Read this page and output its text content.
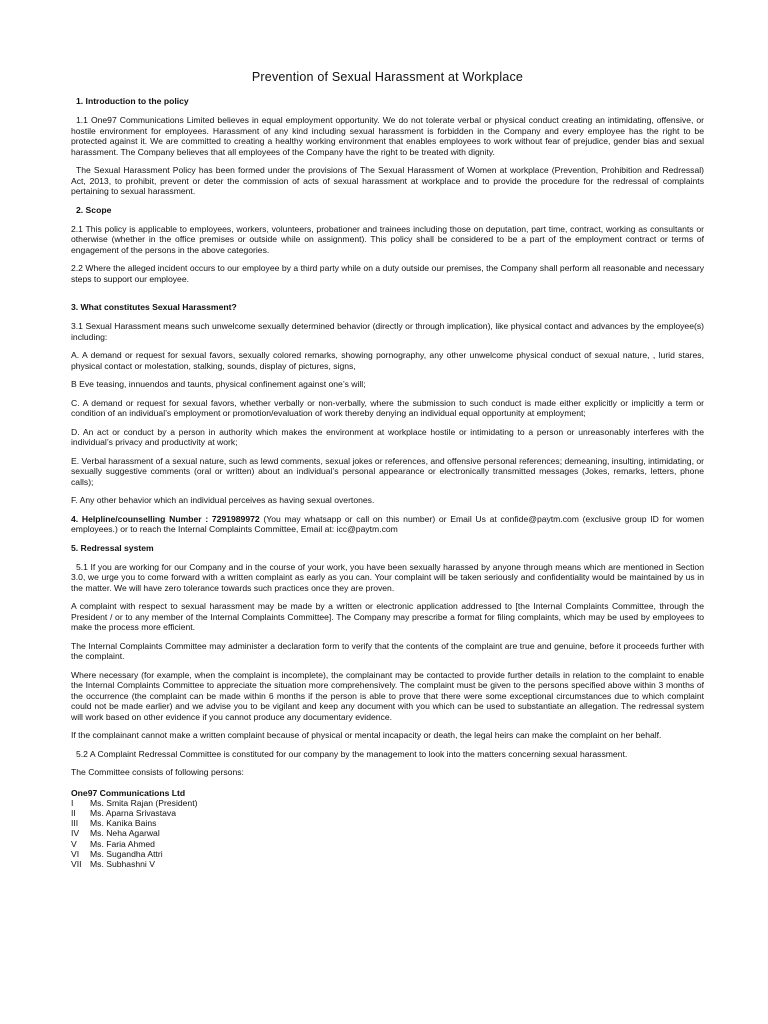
Prevention of Sexual Harassment at Workplace
1. Introduction to the policy

1.1 One97 Communications Limited believes in equal employment opportunity. We do not tolerate verbal or physical conduct creating an intimidating, offensive, or hostile environment for employees. Harassment of any kind including sexual harassment is forbidden in the Company and every employee has the right to be protected against it. We are committed to creating a healthy working environment that enables employees to work without fear of prejudice, gender bias and sexual harassment. The Company believes that all employees of the Company have the right to be treated with dignity.

The Sexual Harassment Policy has been formed under the provisions of The Sexual Harassment of Women at workplace (Prevention, Prohibition and Redressal) Act, 2013, to prohibit, prevent or deter the commission of acts of sexual harassment at workplace and to provide the procedure for the redressal of complaints pertaining to sexual harassment.

2. Scope

2.1 This policy is applicable to employees, workers, volunteers, probationer and trainees including those on deputation, part time, contract, working as consultants or otherwise (whether in the office premises or outside while on assignment). This policy shall be considered to be a part of the employment contract or terms of engagement of the persons in the above categories.

2.2 Where the alleged incident occurs to our employee by a third party while on a duty outside our premises, the Company shall perform all reasonable and necessary steps to support our employee.

3. What constitutes Sexual Harassment?

3.1 Sexual Harassment means such unwelcome sexually determined behavior (directly or through implication), like physical contact and advances by the employee(s) including:

A. A demand or request for sexual favors, sexually colored remarks, showing pornography, any other unwelcome physical conduct of sexual nature, , lurid stares, physical contact or molestation, stalking, sounds, display of pictures, signs,

B Eve teasing, innuendos and taunts, physical confinement against one’s will;

C. A demand or request for sexual favors, whether verbally or non-verbally, where the submission to such conduct is made either explicitly or implicitly a term or condition of an individual’s employment or promotion/evaluation of work thereby denying an individual equal opportunity at employment;

D. An act or conduct by a person in authority which makes the environment at workplace hostile or intimidating to a person or unreasonably interferes with the individual’s privacy and productivity at work;

E. Verbal harassment of a sexual nature, such as lewd comments, sexual jokes or references, and offensive personal references; demeaning, insulting, intimidating, or sexually suggestive comments (oral or written) about an individual’s personal appearance or electronically transmitted messages (Jokes, remarks, letters, phone calls);

F. Any other behavior which an individual perceives as having sexual overtones.

4. Helpline/counselling Number : 7291989972 (You may whatsapp or call on this number) or Email Us at confide@paytm.com (exclusive group ID for women employees.) or to reach the Internal Complaints Committee, Email at: icc@paytm.com

5. Redressal system

5.1 If you are working for our Company and in the course of your work, you have been sexually harassed by anyone through means which are mentioned in Section 3.0, we urge you to come forward with a written complaint as early as you can. Your complaint will be taken seriously and confidentiality would be maintained by us in the matter. We will have zero tolerance towards such practices once they are proven.

A complaint with respect to sexual harassment may be made by a written or electronic application addressed to [the Internal Complaints Committee, through the President / or to any member of the Internal Complaints Committee]. The Company may prescribe a format for filing complaints, which may be used by employees to make the process more efficient.

The Internal Complaints Committee may administer a declaration form to verify that the contents of the complaint are true and genuine, before it proceeds further with the complaint.

Where necessary (for example, when the complaint is incomplete), the complainant may be contacted to provide further details in relation to the complaint to enable the Internal Complaints Committee to appreciate the situation more comprehensively. The complaint must be given to the persons specified above within 3 months of the occurrence (the complaint can be made within 6 months if the person is able to prove that there were some exceptional circumstances due to which complaint could not be made earlier) and we advise you to be vigilant and keep any document with you which can be used to substantiate an allegation. The redressal system will work based on other evidence if you cannot produce any documentary evidence.

If the complainant cannot make a written complaint because of physical or mental incapacity or death, the legal heirs can make the complaint on her behalf.

5.2 A Complaint Redressal Committee is constituted for our company by the management to look into the matters concerning sexual harassment.

The Committee consists of following persons:

One97 Communications Ltd
I	Ms. Smita Rajan (President)
II	Ms. Aparna Srivastava
III	Ms. Kanika Bains
IV	Ms. Neha Agarwal
V	Ms. Faria Ahmed
VI	Ms. Sugandha Attri
VII Ms. Subhashni V
